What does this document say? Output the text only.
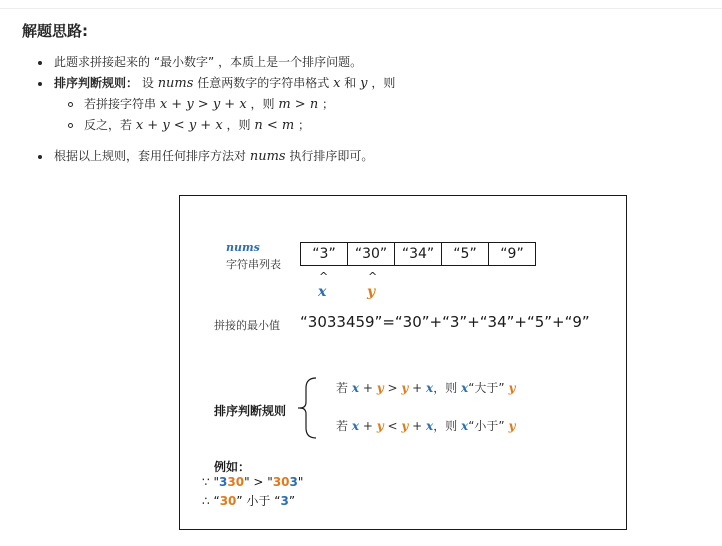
解题思路:
此题求拼接起来的 “最小数字” ，本质上是一个排序问题。
排序判断规则： 设 nums 任意两数字的字符串格式 x 和 y ，则
若拼接字符串 x + y > y + x ，则 m > n ；
反之，若 x + y < y + x ，则 n < m ；
根据以上规则，套用任何排序方法对 nums 执行排序即可。
nums
字符串列表
“3”	“30”	“34”	“5”	“9”
^	^
x	y
拼接的最小值 “3033459”=“30”+“3”+“34”+“5”+“9”
排序判断规则
若 x + y > y + x，则 x“大于” y
若 x + y < y + x，则 x“小于” y
例如：
∵ "330" > "303"
∴ “30” 小于 “3”
